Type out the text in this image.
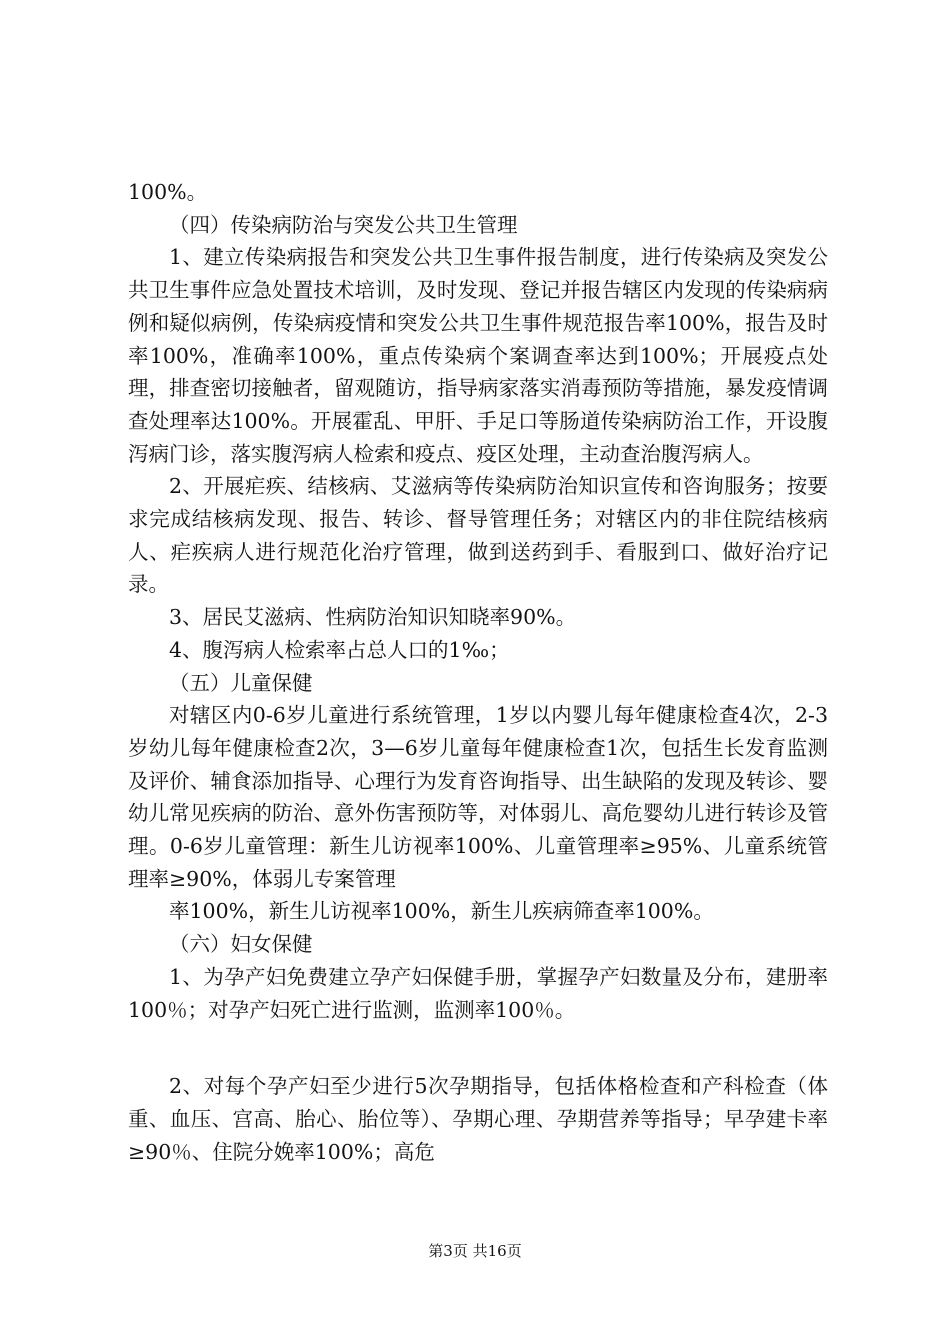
100%。

（四）传染病防治与突发公共卫生管理

1、建立传染病报告和突发公共卫生事件报告制度，进行传染病及突发公共卫生事件应急处置技术培训，及时发现、登记并报告辖区内发现的传染病病例和疑似病例，传染病疫情和突发公共卫生事件规范报告率100%，报告及时率100%，准确率100%，重点传染病个案调查率达到100%；开展疫点处理，排查密切接触者，留观随访，指导病家落实消毒预防等措施，暴发疫情调查处理率达100%。开展霍乱、甲肝、手足口等肠道传染病防治工作，开设腹泻病门诊，落实腹泻病人检索和疫点、疫区处理，主动查治腹泻病人。

2、开展疟疾、结核病、艾滋病等传染病防治知识宣传和咨询服务；按要求完成结核病发现、报告、转诊、督导管理任务；对辖区内的非住院结核病人、疟疾病人进行规范化治疗管理，做到送药到手、看服到口、做好治疗记录。

3、居民艾滋病、性病防治知识知晓率90%。

4、腹泻病人检索率占总人口的1‰；

（五）儿童保健

对辖区内0-6岁儿童进行系统管理，1岁以内婴儿每年健康检查4次，2-3岁幼儿每年健康检查2次，3—6岁儿童每年健康检查1次，包括生长发育监测及评价、辅食添加指导、心理行为发育咨询指导、出生缺陷的发现及转诊、婴幼儿常见疾病的防治、意外伤害预防等，对体弱儿、高危婴幼儿进行转诊及管理。0-6岁儿童管理：新生儿访视率100%、儿童管理率≥95%、儿童系统管理率≥90%，体弱儿专案管理

率100%，新生儿访视率100%，新生儿疾病筛查率100%。

（六）妇女保健

1、为孕产妇免费建立孕产妇保健手册，掌握孕产妇数量及分布，建册率100％；对孕产妇死亡进行监测，监测率100％。

2、对每个孕产妇至少进行5次孕期指导，包括体格检查和产科检查（体重、血压、宫高、胎心、胎位等）、孕期心理、孕期营养等指导；早孕建卡率≥90％、住院分娩率100%；高危

第3页 共16页
